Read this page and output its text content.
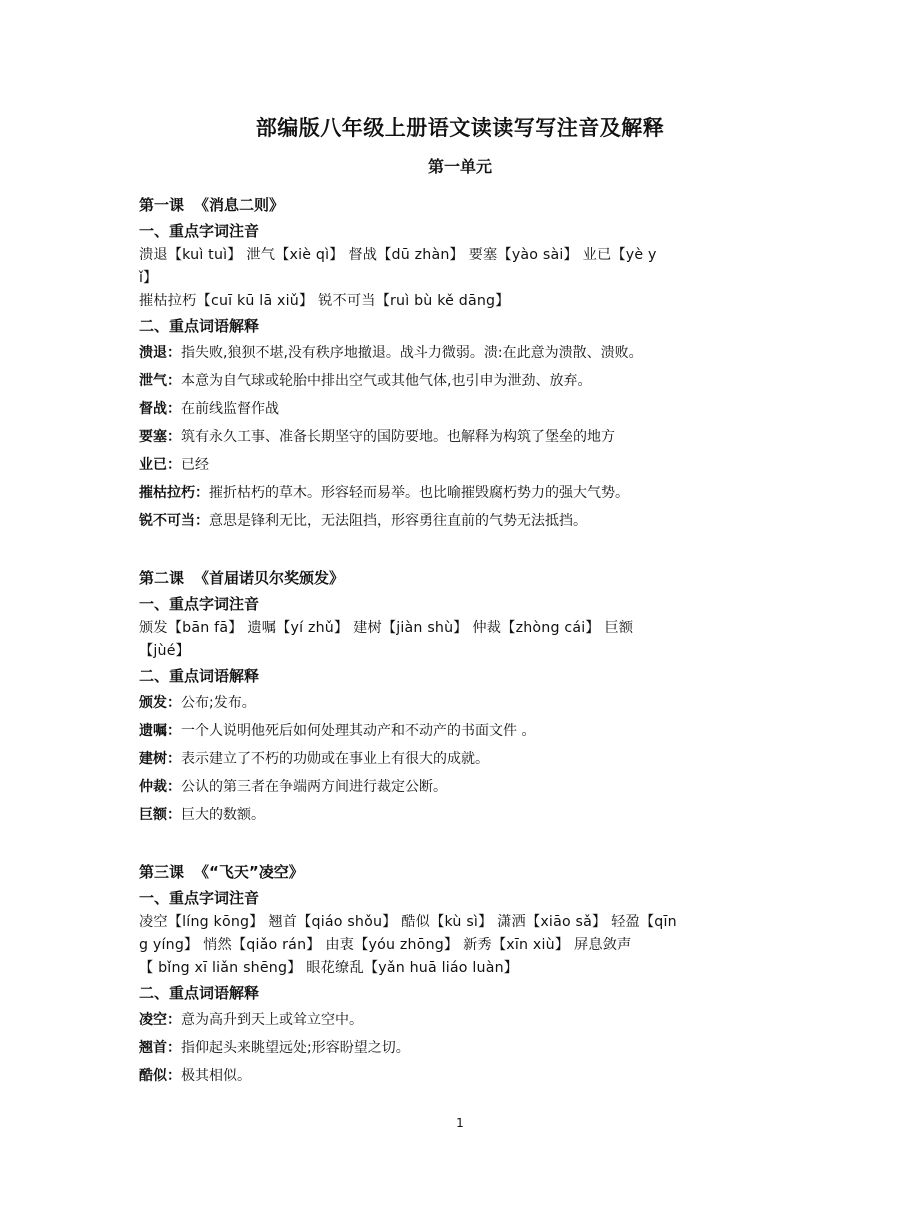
部编版八年级上册语文读读写写注音及解释
第一单元

第一课 《消息二则》

一、重点字词注音

溃退【kuì tuì】 泄气【xiè qì】 督战【dū zhàn】 要塞【yào sài】 业已【yè y

ǐ】

摧枯拉朽【cuī kū lā xiǔ】 锐不可当【ruì bù kě dāng】

二、重点词语解释

溃退：指失败,狼狈不堪,没有秩序地撤退。战斗力微弱。溃:在此意为溃散、溃败。

泄气：本意为自气球或轮胎中排出空气或其他气体,也引申为泄劲、放弃。

督战：在前线监督作战

要塞：筑有永久工事、准备长期坚守的国防要地。也解释为构筑了堡垒的地方

业已：已经

摧枯拉朽：摧折枯朽的草木。形容轻而易举。也比喻摧毁腐朽势力的强大气势。

锐不可当：意思是锋利无比，无法阻挡，形容勇往直前的气势无法抵挡。

第二课 《首届诺贝尔奖颁发》

一、重点字词注音

颁发【bān fā】 遗嘱【yí zhǔ】 建树【jiàn shù】 仲裁【zhòng cái】 巨额

【jùé】

二、重点词语解释

颁发：公布;发布。

遗嘱：一个人说明他死后如何处理其动产和不动产的书面文件 。

建树：表示建立了不朽的功勋或在事业上有很大的成就。

仲裁：公认的第三者在争端两方间进行裁定公断。

巨额：巨大的数额。

第三课 《“飞天”凌空》

一、重点字词注音

凌空【líng kōng】 翘首【qiáo shǒu】 酷似【kù sì】 潇洒【xiāo sǎ】 轻盈【qīn

g yíng】 悄然【qiǎo rán】 由衷【yóu zhōng】 新秀【xīn xiù】 屏息敛声

【 bǐng xī liǎn shēng】 眼花缭乱【yǎn huā liáo luàn】

二、重点词语解释

凌空：意为高升到天上或耸立空中。

翘首：指仰起头来眺望远处;形容盼望之切。

酷似：极其相似。

1
